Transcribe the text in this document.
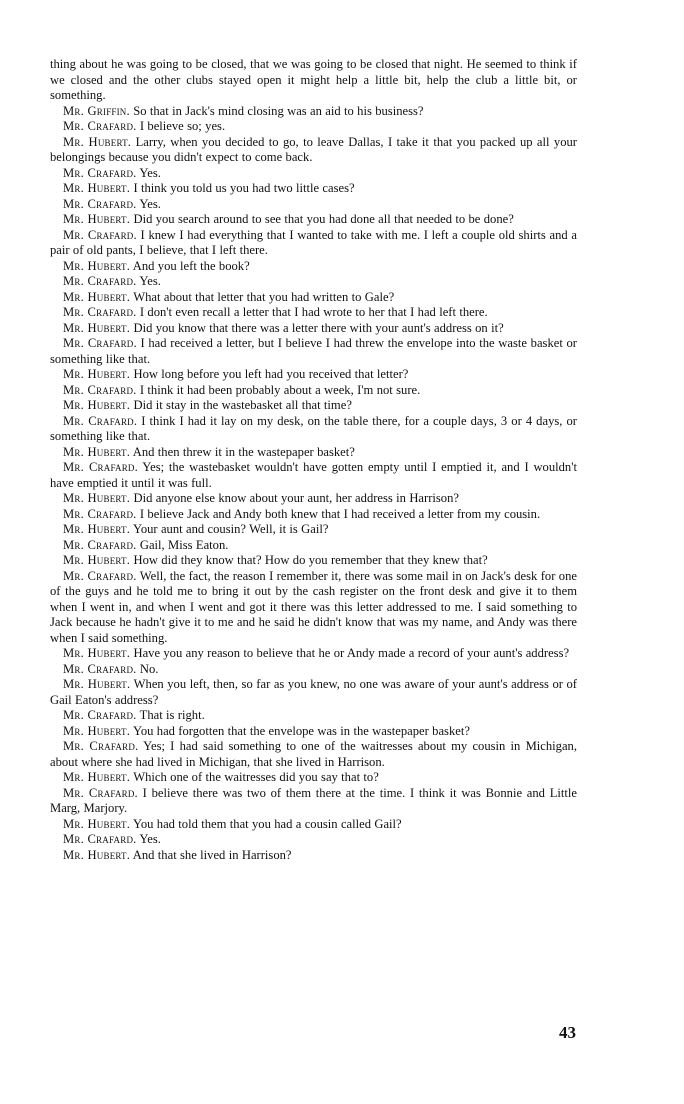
thing about he was going to be closed, that we was going to be closed that night. He seemed to think if we closed and the other clubs stayed open it might help a little bit, help the club a little bit, or something.

Mr. Griffin. So that in Jack's mind closing was an aid to his business?

Mr. Crafard. I believe so; yes.

Mr. Hubert. Larry, when you decided to go, to leave Dallas, I take it that you packed up all your belongings because you didn't expect to come back.

Mr. Crafard. Yes.

Mr. Hubert. I think you told us you had two little cases?

Mr. Crafard. Yes.

Mr. Hubert. Did you search around to see that you had done all that needed to be done?

Mr. Crafard. I knew I had everything that I wanted to take with me. I left a couple old shirts and a pair of old pants, I believe, that I left there.

Mr. Hubert. And you left the book?

Mr. Crafard. Yes.

Mr. Hubert. What about that letter that you had written to Gale?

Mr. Crafard. I don't even recall a letter that I had wrote to her that I had left there.

Mr. Hubert. Did you know that there was a letter there with your aunt's address on it?

Mr. Crafard. I had received a letter, but I believe I had threw the envelope into the waste basket or something like that.

Mr. Hubert. How long before you left had you received that letter?

Mr. Crafard. I think it had been probably about a week, I'm not sure.

Mr. Hubert. Did it stay in the wastebasket all that time?

Mr. Crafard. I think I had it lay on my desk, on the table there, for a couple days, 3 or 4 days, or something like that.

Mr. Hubert. And then threw it in the wastepaper basket?

Mr. Crafard. Yes; the wastebasket wouldn't have gotten empty until I emptied it, and I wouldn't have emptied it until it was full.

Mr. Hubert. Did anyone else know about your aunt, her address in Harrison?

Mr. Crafard. I believe Jack and Andy both knew that I had received a letter from my cousin.

Mr. Hubert. Your aunt and cousin? Well, it is Gail?

Mr. Crafard. Gail, Miss Eaton.

Mr. Hubert. How did they know that? How do you remember that they knew that?

Mr. Crafard. Well, the fact, the reason I remember it, there was some mail in on Jack's desk for one of the guys and he told me to bring it out by the cash register on the front desk and give it to them when I went in, and when I went and got it there was this letter addressed to me. I said something to Jack because he hadn't give it to me and he said he didn't know that was my name, and Andy was there when I said something.

Mr. Hubert. Have you any reason to believe that he or Andy made a record of your aunt's address?

Mr. Crafard. No.

Mr. Hubert. When you left, then, so far as you knew, no one was aware of your aunt's address or of Gail Eaton's address?

Mr. Crafard. That is right.

Mr. Hubert. You had forgotten that the envelope was in the wastepaper basket?

Mr. Crafard. Yes; I had said something to one of the waitresses about my cousin in Michigan, about where she had lived in Michigan, that she lived in Harrison.

Mr. Hubert. Which one of the waitresses did you say that to?

Mr. Crafard. I believe there was two of them there at the time. I think it was Bonnie and Little Marg, Marjory.

Mr. Hubert. You had told them that you had a cousin called Gail?

Mr. Crafard. Yes.

Mr. Hubert. And that she lived in Harrison?

43
